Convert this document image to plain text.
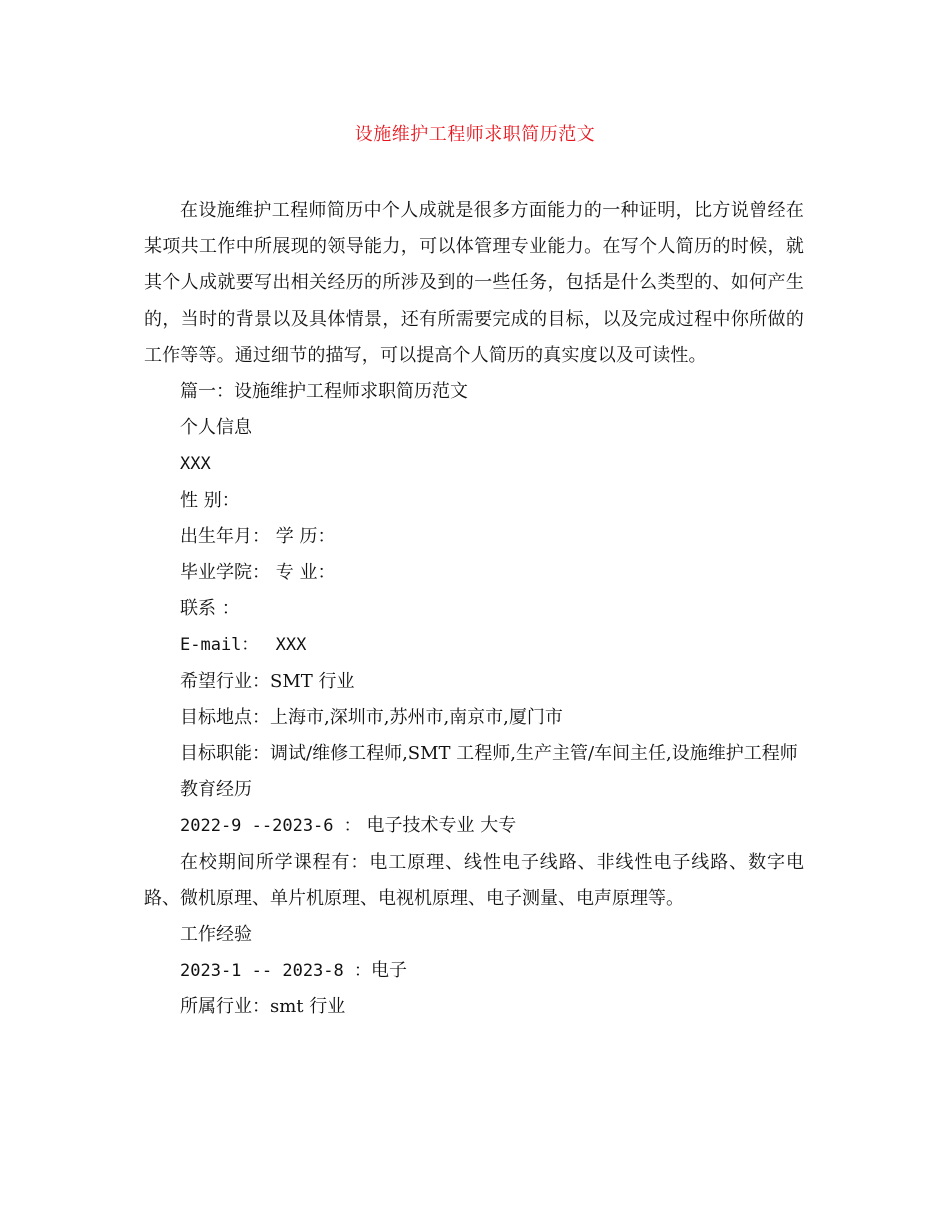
设施维护工程师求职简历范文

在设施维护工程师简历中个人成就是很多方面能力的一种证明，比方说曾经在某项共工作中所展现的领导能力，可以体管理专业能力。在写个人简历的时候，就其个人成就要写出相关经历的所涉及到的一些任务，包括是什么类型的、如何产生的，当时的背景以及具体情景，还有所需要完成的目标，以及完成过程中你所做的工作等等。通过细节的描写，可以提高个人简历的真实度以及可读性。

篇一：设施维护工程师求职简历范文

个人信息

XXX

性 别：

出生年月： 学 历：

毕业学院： 专 业：

联系 ：

E-mail： XXX

希望行业：SMT 行业

目标地点：上海市,深圳市,苏州市,南京市,厦门市

目标职能：调试/维修工程师,SMT 工程师,生产主管/车间主任,设施维护工程师

教育经历

2022-9 --2023-6 ： 电子技术专业 大专

在校期间所学课程有：电工原理、线性电子线路、非线性电子线路、数字电路、微机原理、单片机原理、电视机原理、电子测量、电声原理等。

工作经验

2023-1 -- 2023-8 ：电子

所属行业：smt 行业
